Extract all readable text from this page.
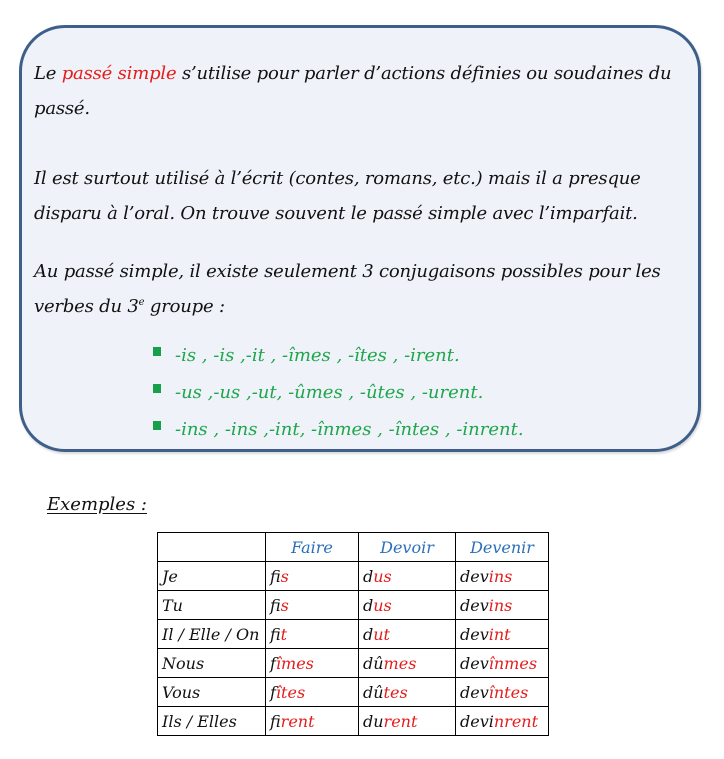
Le passé simple s’utilise pour parler d’actions définies ou soudaines du passé.
Il est surtout utilisé à l’écrit (contes, romans, etc.) mais il a presque disparu à l’oral. On trouve souvent le passé simple avec l’imparfait.
Au passé simple, il existe seulement 3 conjugaisons possibles pour les verbes du 3e groupe :
-is , -is ,-it , -îmes , -îtes , -irent.
-us ,-us ,-ut, -ûmes , -ûtes , -urent.
-ins , -ins ,-int, -înmes , -întes , -inrent.
Exemples :
	Faire	Devoir	Devenir
Je	fis	dus	devins
Tu	fis	dus	devins
Il / Elle / On	fit	dut	devint
Nous	fîmes	dûmes	devînmes
Vous	fîtes	dûtes	devîntes
Ils / Elles	firent	durent	devinrent
